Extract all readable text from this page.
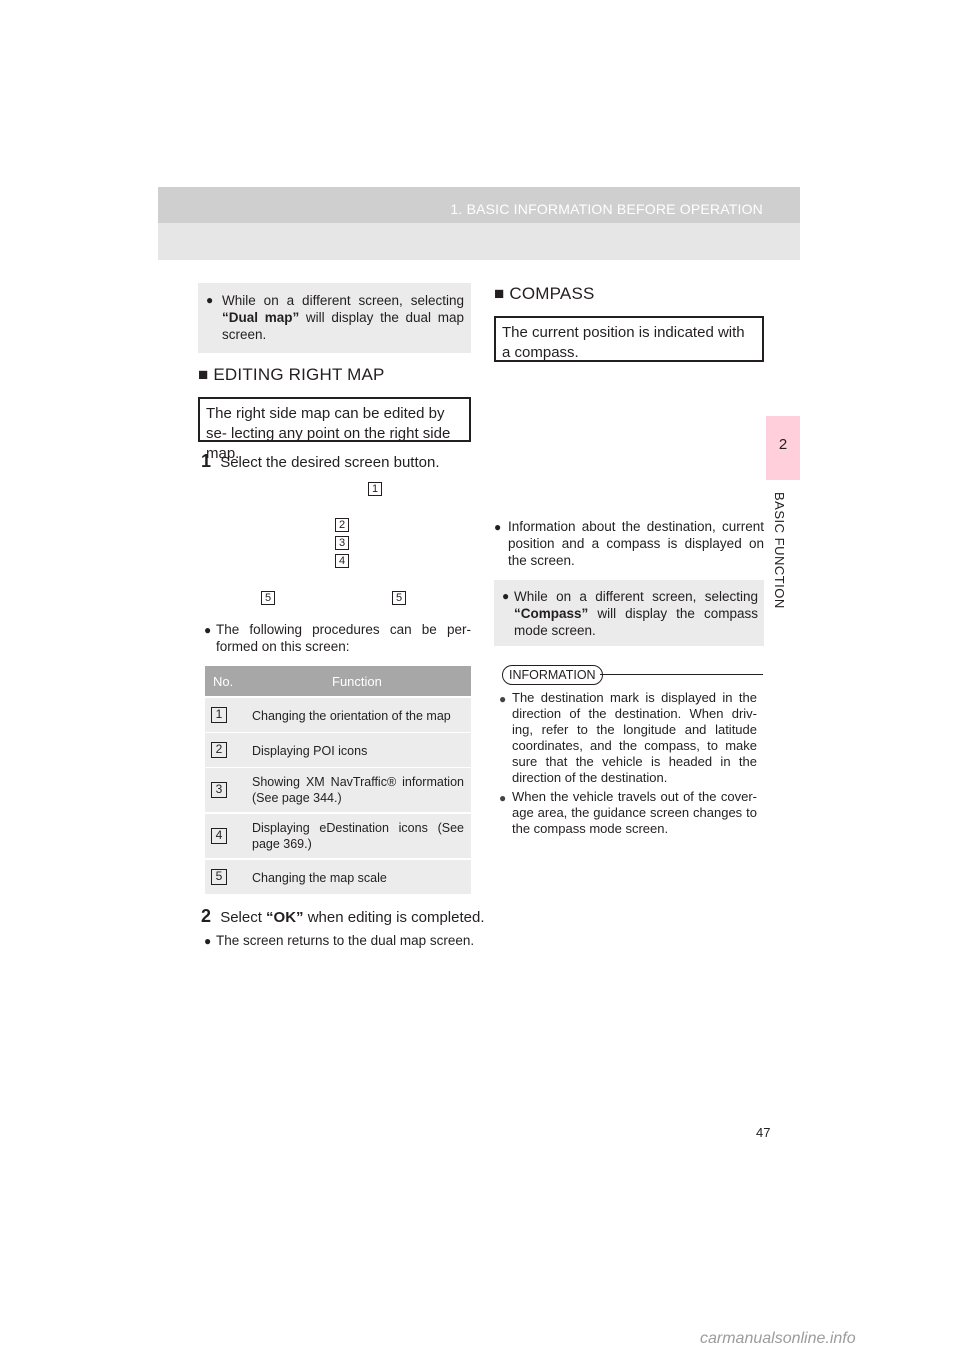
1. BASIC INFORMATION BEFORE OPERATION
2
BASIC FUNCTION
● While on a different screen, selecting “Dual map” will display the dual map screen.
■ EDITING RIGHT MAP
The right side map can be edited by se- lecting any point on the right side map.
1 Select the desired screen button.
1
2
3
4
5	5
● The following procedures can be per- formed on this screen:
No.	Function
1	Changing the orientation of the map
2	Displaying POI icons
3	Showing XM NavTraffic® information (See page 344.)
4	Displaying eDestination icons (See page 369.)
5	Changing the map scale
2 Select “OK” when editing is completed.
● The screen returns to the dual map screen.
■ COMPASS
The current position is indicated with a compass.
● Information about the destination, current position and a compass is displayed on the screen.
● While on a different screen, selecting “Compass” will display the compass mode screen.
INFORMATION
● The destination mark is displayed in the direction of the destination. When driv- ing, refer to the longitude and latitude coordinates, and the compass, to make sure that the vehicle is headed in the direction of the destination.
● When the vehicle travels out of the cover- age area, the guidance screen changes to the compass mode screen.
47
carmanualsonline.info
